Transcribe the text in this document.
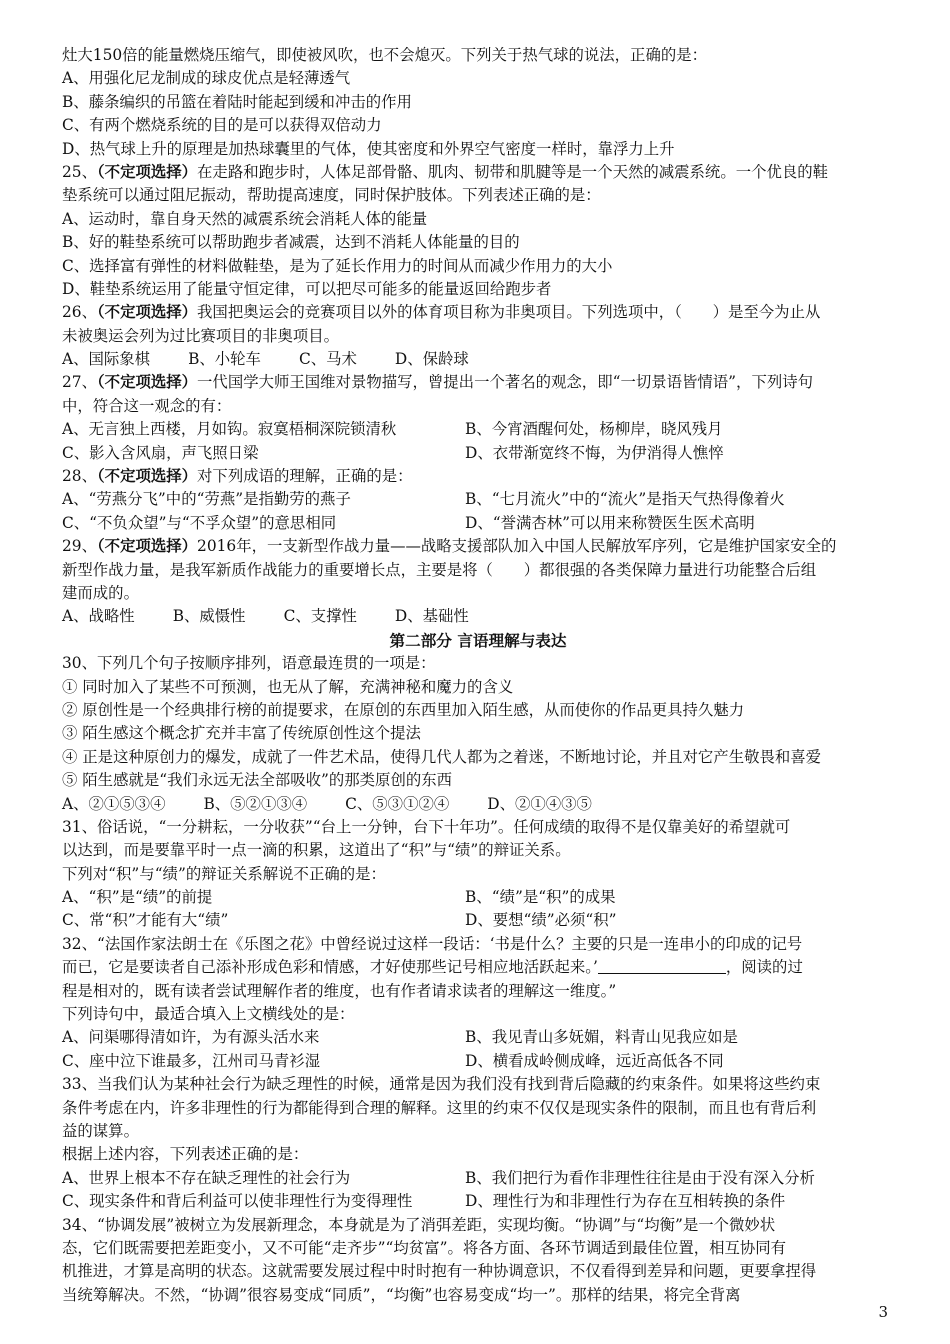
灶大150倍的能量燃烧压缩气，即使被风吹，也不会熄灭。下列关于热气球的说法，正确的是：
A、用强化尼龙制成的球皮优点是轻薄透气
B、藤条编织的吊篮在着陆时能起到缓和冲击的作用
C、有两个燃烧系统的目的是可以获得双倍动力
D、热气球上升的原理是加热球囊里的气体，使其密度和外界空气密度一样时，靠浮力上升
25、（不定项选择）在走路和跑步时，人体足部骨骼、肌肉、韧带和肌腱等是一个天然的减震系统。一个优良的鞋
垫系统可以通过阻尼振动，帮助提高速度，同时保护肢体。下列表述正确的是：
A、运动时，靠自身天然的减震系统会消耗人体的能量
B、好的鞋垫系统可以帮助跑步者减震，达到不消耗人体能量的目的
C、选择富有弹性的材料做鞋垫，是为了延长作用力的时间从而减少作用力的大小
D、鞋垫系统运用了能量守恒定律，可以把尽可能多的能量返回给跑步者
26、（不定项选择）我国把奥运会的竞赛项目以外的体育项目称为非奥项目。下列选项中，（　　）是至今为止从
未被奥运会列为过比赛项目的非奥项目。
A、国际象棋 B、小轮车 C、马术 D、保龄球
27、（不定项选择）一代国学大师王国维对景物描写，曾提出一个著名的观念，即“一切景语皆情语”，下列诗句
中，符合这一观念的有：
A、无言独上西楼，月如钩。寂寞梧桐深院锁清秋	B、今宵酒醒何处，杨柳岸，晓风残月
C、影入含风扇，声飞照日梁	D、衣带渐宽终不悔，为伊消得人憔悴
28、（不定项选择）对下列成语的理解，正确的是：
A、“劳燕分飞”中的“劳燕”是指勤劳的燕子	B、“七月流火”中的“流火”是指天气热得像着火
C、“不负众望”与“不孚众望”的意思相同	D、“誉满杏林”可以用来称赞医生医术高明
29、（不定项选择）2016年，一支新型作战力量——战略支援部队加入中国人民解放军序列，它是维护国家安全的
新型作战力量，是我军新质作战能力的重要增长点，主要是将（　　）都很强的各类保障力量进行功能整合后组
建而成的。
A、战略性 B、威慑性 C、支撑性 D、基础性
第二部分 言语理解与表达
30、下列几个句子按顺序排列，语意最连贯的一项是：
① 同时加入了某些不可预测，也无从了解，充满神秘和魔力的含义
② 原创性是一个经典排行榜的前提要求，在原创的东西里加入陌生感，从而使你的作品更具持久魅力
③ 陌生感这个概念扩充并丰富了传统原创性这个提法
④ 正是这种原创力的爆发，成就了一件艺术品，使得几代人都为之着迷，不断地讨论，并且对它产生敬畏和喜爱
⑤ 陌生感就是“我们永远无法全部吸收”的那类原创的东西
A、②①⑤③④ B、⑤②①③④ C、⑤③①②④ D、②①④③⑤
31、俗话说，“一分耕耘，一分收获”“台上一分钟，台下十年功”。任何成绩的取得不是仅靠美好的希望就可
以达到，而是要靠平时一点一滴的积累，这道出了“积”与“绩”的辩证关系。
下列对“积”与“绩”的辩证关系解说不正确的是：
A、“积”是“绩”的前提	B、“绩”是“积”的成果
C、常“积”才能有大“绩”	D、要想“绩”必须“积”
32、“法国作家法朗士在《乐图之花》中曾经说过这样一段话：‘书是什么？主要的只是一连串小的印成的记号
而已，它是要读者自己添补形成色彩和情感，才好使那些记号相应地活跃起来。’	，阅读的过
程是相对的，既有读者尝试理解作者的维度，也有作者请求读者的理解这一维度。”
下列诗句中，最适合填入上文横线处的是：
A、问渠哪得清如许，为有源头活水来	B、我见青山多妩媚，料青山见我应如是
C、座中泣下谁最多，江州司马青衫湿	D、横看成岭侧成峰，远近高低各不同
33、当我们认为某种社会行为缺乏理性的时候，通常是因为我们没有找到背后隐藏的约束条件。如果将这些约束
条件考虑在内，许多非理性的行为都能得到合理的解释。这里的约束不仅仅是现实条件的限制，而且也有背后利
益的谋算。
根据上述内容，下列表述正确的是：
A、世界上根本不存在缺乏理性的社会行为	B、我们把行为看作非理性往往是由于没有深入分析
C、现实条件和背后利益可以使非理性行为变得理性	D、理性行为和非理性行为存在互相转换的条件
34、“协调发展”被树立为发展新理念，本身就是为了消弭差距，实现均衡。“协调”与“均衡”是一个微妙状
态，它们既需要把差距变小，又不可能“走齐步”“均贫富”。将各方面、各环节调适到最佳位置，相互协同有
机推进，才算是高明的状态。这就需要发展过程中时时抱有一种协调意识，不仅看得到差异和问题，更要拿捏得
当统筹解决。不然，“协调”很容易变成“同质”，“均衡”也容易变成“均一”。那样的结果，将完全背离
3
